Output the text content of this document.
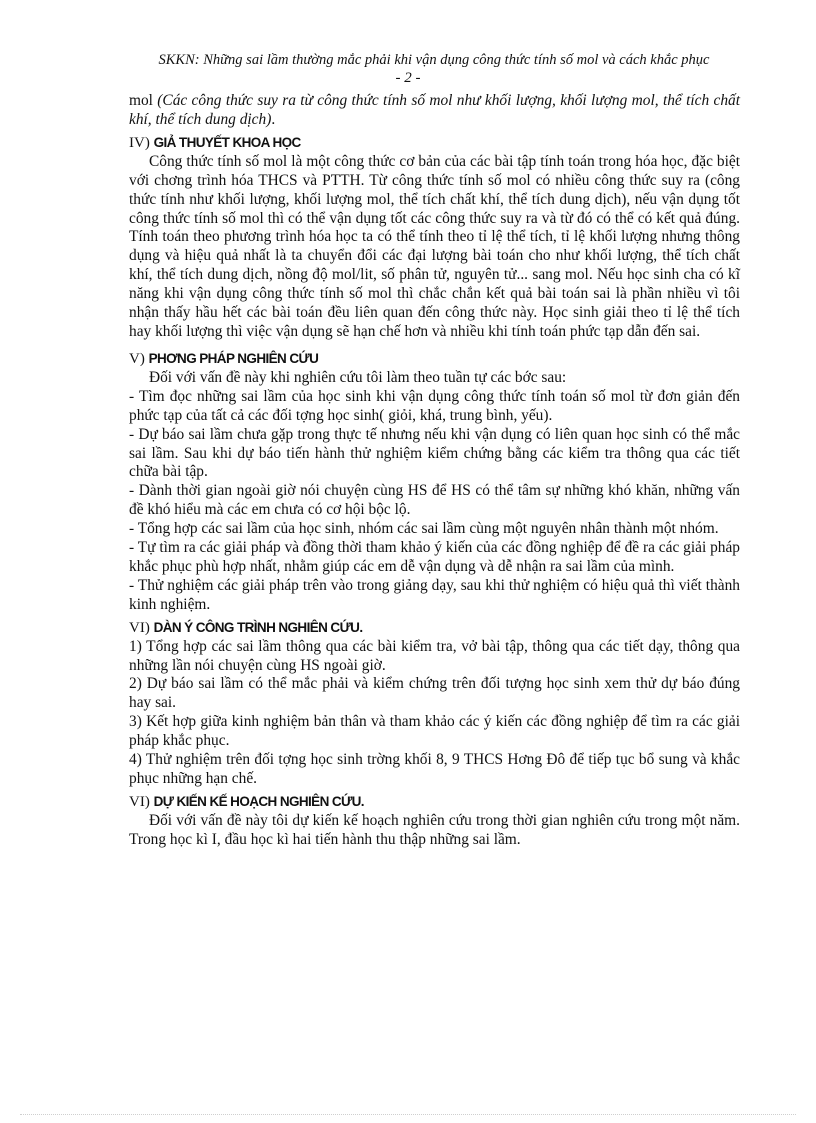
SKKN: Những sai lầm thường mắc phải khi vận dụng công thức tính số mol và cách khắc phục
- 2 -

mol (Các công thức suy ra từ công thức tính số mol như khối lượng, khối lượng mol, thể tích chất khí, thể tích dung dịch).

IV) GIẢ THUYẾT KHOA HỌC

Công thức tính số mol là một công thức cơ bản của các bài tập tính toán trong hóa học, đặc biệt với chơng trình hóa THCS và PTTH. Từ công thức tính số mol có nhiều công thức suy ra (công thức tính như khối lượng, khối lượng mol, thể tích chất khí, thể tích dung dịch), nếu vận dụng tốt công thức tính số mol thì có thể vận dụng tốt các công thức suy ra và từ đó có thể có kết quả đúng. Tính toán theo phương trình hóa học ta có thể tính theo tỉ lệ thể tích, tỉ lệ khối lượng nhưng thông dụng và hiệu quả nhất là ta chuyển đổi các đại lượng bài toán cho như khối lượng, thể tích chất khí, thể tích dung dịch, nồng độ mol/lit, số phân tử, nguyên tử... sang mol. Nếu học sinh cha có kĩ năng khi vận dụng công thức tính số mol thì chắc chắn kết quả bài toán sai là phần nhiều vì tôi nhận thấy hầu hết các bài toán đều liên quan đến công thức này. Học sinh giải theo tỉ lệ thể tích hay khối lượng thì việc vận dụng sẽ hạn chế hơn và nhiều khi tính toán phức tạp dẫn đến sai.

V) PHƠNG PHÁP NGHIÊN CỨU

Đối với vấn đề này khi nghiên cứu tôi làm theo tuần tự các bớc sau:

- Tìm đọc những sai lầm của học sinh khi vận dụng công thức tính toán số mol từ đơn giản đến phức tạp của tất cả các đối tợng học sinh( giỏi, khá, trung bình, yếu).

- Dự báo sai lầm chưa gặp trong thực tế nhưng nếu khi vận dụng có liên quan học sinh có thể mắc sai lầm. Sau khi dự báo tiến hành thử nghiệm kiểm chứng bằng các kiểm tra thông qua các tiết chữa bài tập.

- Dành thời gian ngoài giờ nói chuyện cùng HS để HS có thể tâm sự những khó khăn, những vấn đề khó hiểu mà các em chưa có cơ hội bộc lộ.

- Tổng hợp các sai lầm của học sinh, nhóm các sai lầm cùng một nguyên nhân thành một nhóm.

- Tự tìm ra các giải pháp và đồng thời tham khảo ý kiến của các đồng nghiệp để đề ra các giải pháp khắc phục phù hợp nhất, nhằm giúp các em dễ vận dụng và dễ nhận ra sai lầm của mình.

- Thử nghiệm các giải pháp trên vào trong giảng dạy, sau khi thử nghiệm có hiệu quả thì viết thành kinh nghiệm.

VI) DÀN Ý CÔNG TRÌNH NGHIÊN CỨU.

1) Tổng hợp các sai lầm thông qua các bài kiểm tra, vở bài tập, thông qua các tiết dạy, thông qua những lần nói chuyện cùng HS ngoài giờ.

2) Dự báo sai lầm có thể mắc phải và kiểm chứng trên đối tượng học sinh xem thử dự báo đúng hay sai.

3) Kết hợp giữa kinh nghiệm bản thân và tham khảo các ý kiến các đồng nghiệp để tìm ra các giải pháp khắc phục.

4) Thử nghiệm trên đối tợng học sinh trờng khối 8, 9 THCS Hơng Đô để tiếp tục bổ sung và khắc phục những hạn chế.

VI) DỰ KIẾN KẾ HOẠCH NGHIÊN CỨU.

Đối với vấn đề này tôi dự kiến kế hoạch nghiên cứu trong thời gian nghiên cứu trong một năm. Trong học kì I, đầu học kì hai tiến hành thu thập những sai lầm.
